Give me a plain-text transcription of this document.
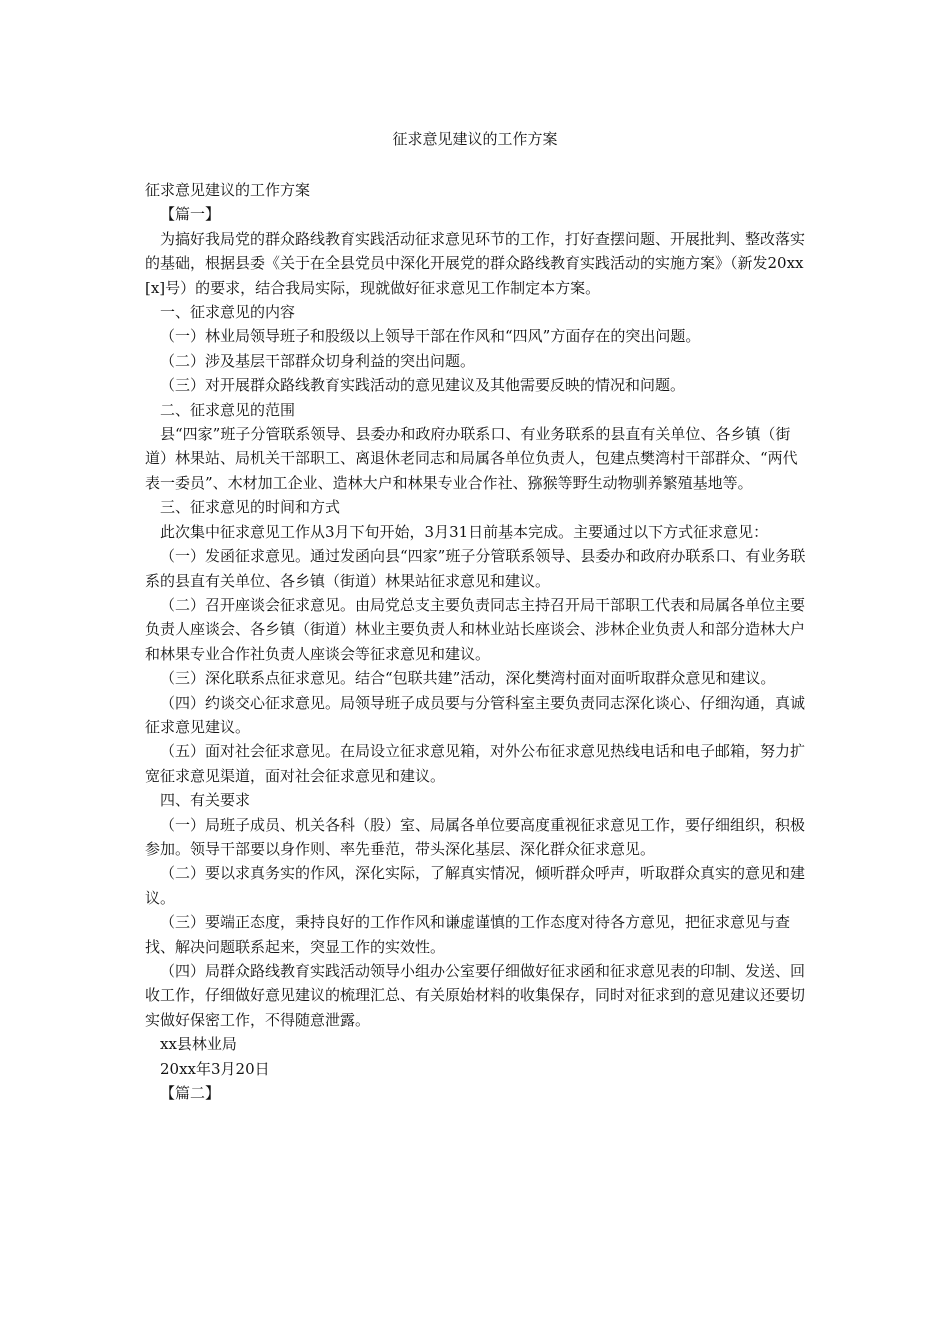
征求意见建议的工作方案

征求意见建议的工作方案

【篇一】

为搞好我局党的群众路线教育实践活动征求意见环节的工作，打好查摆问题、开展批判、整改落实的基础，根据县委《关于在全县党员中深化开展党的群众路线教育实践活动的实施方案》（新发20xx[x]号）的要求，结合我局实际，现就做好征求意见工作制定本方案。

一、征求意见的内容

（一）林业局领导班子和股级以上领导干部在作风和“四风”方面存在的突出问题。

（二）涉及基层干部群众切身利益的突出问题。

（三）对开展群众路线教育实践活动的意见建议及其他需要反映的情况和问题。

二、征求意见的范围

县“四家”班子分管联系领导、县委办和政府办联系口、有业务联系的县直有关单位、各乡镇（街道）林果站、局机关干部职工、离退休老同志和局属各单位负责人，包建点樊湾村干部群众、“两代表一委员”、木材加工企业、造林大户和林果专业合作社、猕猴等野生动物驯养繁殖基地等。

三、征求意见的时间和方式

此次集中征求意见工作从3月下旬开始，3月31日前基本完成。主要通过以下方式征求意见：

（一）发函征求意见。通过发函向县“四家”班子分管联系领导、县委办和政府办联系口、有业务联系的县直有关单位、各乡镇（街道）林果站征求意见和建议。

（二）召开座谈会征求意见。由局党总支主要负责同志主持召开局干部职工代表和局属各单位主要负责人座谈会、各乡镇（街道）林业主要负责人和林业站长座谈会、涉林企业负责人和部分造林大户和林果专业合作社负责人座谈会等征求意见和建议。

（三）深化联系点征求意见。结合“包联共建”活动，深化樊湾村面对面听取群众意见和建议。

（四）约谈交心征求意见。局领导班子成员要与分管科室主要负责同志深化谈心、仔细沟通，真诚征求意见建议。

（五）面对社会征求意见。在局设立征求意见箱，对外公布征求意见热线电话和电子邮箱，努力扩宽征求意见渠道，面对社会征求意见和建议。

四、有关要求

（一）局班子成员、机关各科（股）室、局属各单位要高度重视征求意见工作，要仔细组织，积极参加。领导干部要以身作则、率先垂范，带头深化基层、深化群众征求意见。

（二）要以求真务实的作风，深化实际，了解真实情况，倾听群众呼声，听取群众真实的意见和建议。

（三）要端正态度，秉持良好的工作作风和谦虚谨慎的工作态度对待各方意见，把征求意见与查找、解决问题联系起来，突显工作的实效性。

（四）局群众路线教育实践活动领导小组办公室要仔细做好征求函和征求意见表的印制、发送、回收工作，仔细做好意见建议的梳理汇总、有关原始材料的收集保存，同时对征求到的意见建议还要切实做好保密工作，不得随意泄露。

xx县林业局

20xx年3月20日

【篇二】
